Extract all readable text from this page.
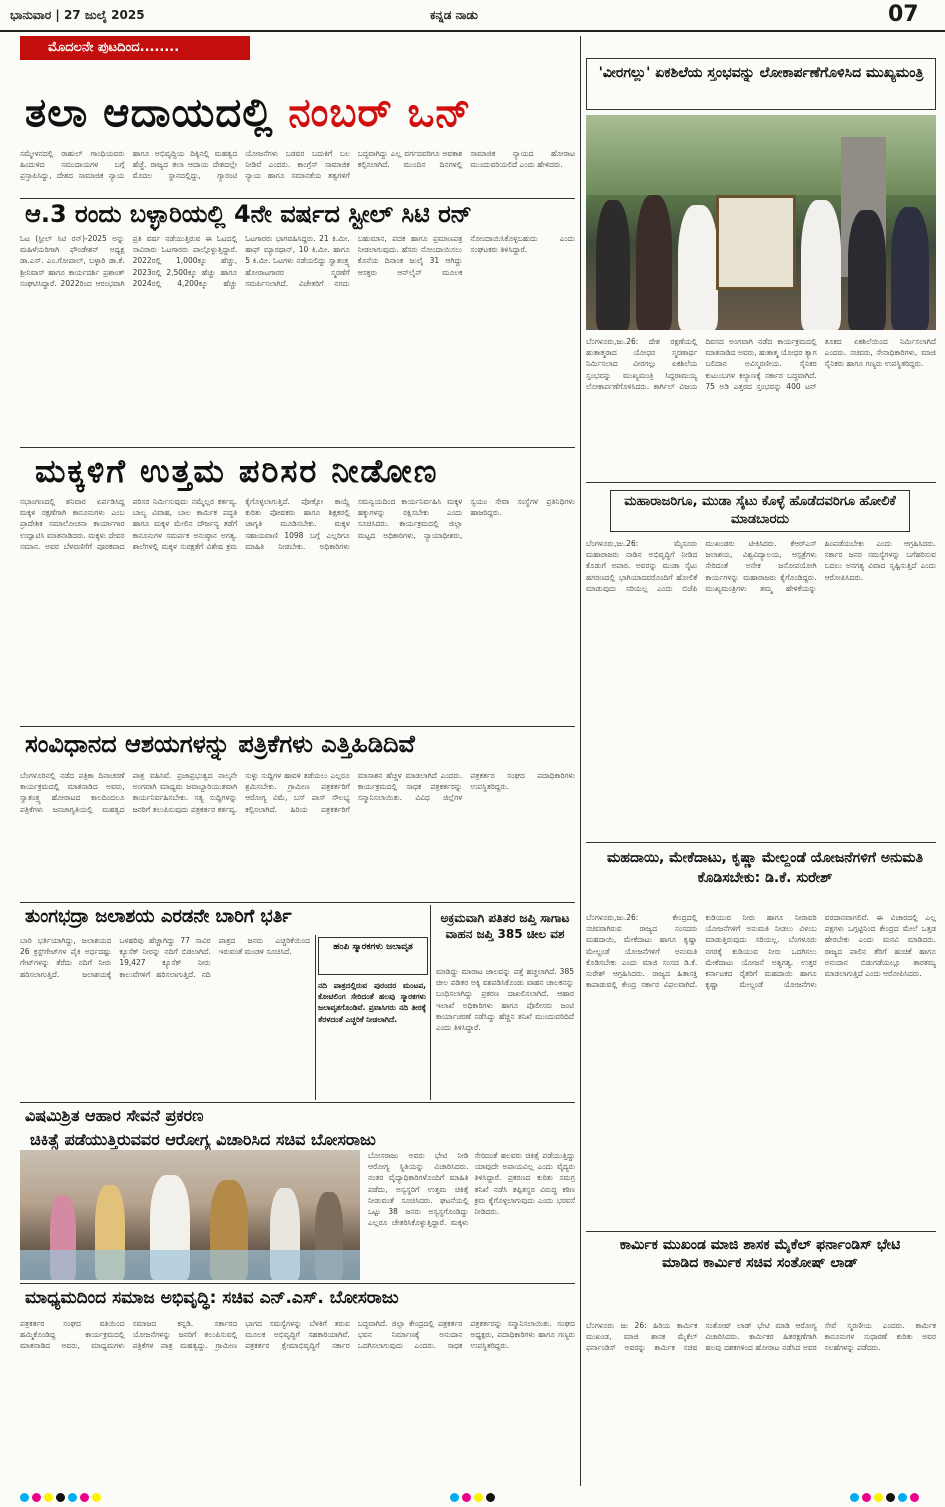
ಭಾನುವಾರ | 27 ಜುಲೈ 2025	ಕನ್ನಡ ನಾಡು	07
ಮೊದಲನೇ ಪುಟದಿಂದ........
ತಲಾ ಆದಾಯದಲ್ಲಿ ನಂಬರ್ ಒನ್
ಸಮ್ಮೇಳನದಲ್ಲಿ ರಾಹುಲ್ ಗಾಂಧಿಯವರು ಹಿಂದುಳಿದ ಸಮುದಾಯಗಳ ಬಗ್ಗೆ ಪ್ರಸ್ತಾಪಿಸಿದ್ದು, ದೇಶದ ಸಾಮಾಜಿಕ ನ್ಯಾಯ ಹಾಗೂ ಅಭಿವೃದ್ಧಿಯ ದಿಕ್ಕಿನಲ್ಲಿ ಮಹತ್ವದ ಹೆಜ್ಜೆ. ರಾಜ್ಯದ ತಲಾ ಆದಾಯ ದೇಶದಲ್ಲೇ ಮೊದಲ ಸ್ಥಾನದಲ್ಲಿದ್ದು, ಗ್ಯಾರಂಟಿ ಯೋಜನೆಗಳು ಬಡವರ ಬದುಕಿಗೆ ಬಲ ನೀಡಿವೆ ಎಂದರು. ಕಾಂಗ್ರೆಸ್ ಸಾಮಾಜಿಕ ನ್ಯಾಯ ಹಾಗೂ ಸಮಾನತೆಯ ತತ್ವಗಳಿಗೆ ಬದ್ಧವಾಗಿದ್ದು ಎಲ್ಲ ವರ್ಗದವರಿಗೂ ಅವಕಾಶ ಕಲ್ಪಿಸಲಾಗಿದೆ. ಮುಂದಿನ ದಿನಗಳಲ್ಲಿ ಸಾಮಾಜಿಕ ನ್ಯಾಯದ ಹೋರಾಟ ಮುಂದುವರಿಯಲಿದೆ ಎಂದು ಹೇಳಿದರು.
ಆ.3 ರಂದು ಬಳ್ಳಾರಿಯಲ್ಲಿ 4ನೇ ವರ್ಷದ ಸ್ಟೀಲ್ ಸಿಟಿ ರನ್
ಓಟ (ಸ್ಟೀಲ್ ಸಿಟಿ ರನ್)-2025 ಅನ್ನು ಮಹಿಳೆಯರಿಗಾಗಿ ಫೌಂಡೇಶನ್ ಅಧ್ಯಕ್ಷ ಡಾ.ಎಸ್. ಎಂ.ಗೋಪಾಲ್, ಬಳ್ಳಾರಿ ಡಾ.ಕೆ. ಶ್ರೀನಿವಾಸ್ ಹಾಗೂ ಕಾರ್ಯದರ್ಶಿ ಪ್ರಶಾಂತ್ ಸಂಘಟಿಸಿದ್ದಾರೆ. 2022ರಿಂದ ಆರಂಭವಾಗಿ ಪ್ರತಿ ವರ್ಷ ನಡೆಯುತ್ತಿರುವ ಈ ಓಟದಲ್ಲಿ ಸಾವಿರಾರು ಓಟಗಾರರು ಪಾಲ್ಗೊಳ್ಳುತ್ತಿದ್ದಾರೆ. 2022ರಲ್ಲಿ 1,000ಕ್ಕೂ ಹೆಚ್ಚು, 2023ರಲ್ಲಿ 2,500ಕ್ಕೂ ಹೆಚ್ಚು ಹಾಗೂ 2024ರಲ್ಲಿ 4,200ಕ್ಕೂ ಹೆಚ್ಚು ಓಟಗಾರರು ಭಾಗವಹಿಸಿದ್ದರು. 21 ಕಿ.ಮೀ. ಹಾಫ್ ಮ್ಯಾರಥಾನ್, 10 ಕಿ.ಮೀ. ಹಾಗೂ 5 ಕಿ.ಮೀ. ಓಟಗಳು ನಡೆಯಲಿದ್ದು ಸ್ವಾತಂತ್ರ್ಯ ಹೋರಾಟಗಾರರ ಸ್ಮರಣೆಗೆ ಸಮರ್ಪಿಸಲಾಗಿದೆ. ವಿಜೇತರಿಗೆ ನಗದು ಬಹುಮಾನ, ಪದಕ ಹಾಗೂ ಪ್ರಮಾಣಪತ್ರ ನೀಡಲಾಗುವುದು. ಹೆಸರು ನೋಂದಾಯಿಸಲು ಕೊನೆಯ ದಿನಾಂಕ ಜುಲೈ 31 ಆಗಿದ್ದು ಆಸಕ್ತರು ಆನ್‌ಲೈನ್ ಮೂಲಕ ನೋಂದಾಯಿಸಿಕೊಳ್ಳಬಹುದು ಎಂದು ಸಂಘಟಕರು ತಿಳಿಸಿದ್ದಾರೆ.
ಮಕ್ಕಳಿಗೆ ಉತ್ತಮ ಪರಿಸರ ನೀಡೋಣ
ಸಭಾಂಗಣದಲ್ಲಿ ಶನಿವಾರ ಏರ್ಪಡಿಸಿದ್ದ ಮಕ್ಕಳ ರಕ್ಷಣೆಗಾಗಿ ಕಾನೂನುಗಳು ಎಂಬ ಪ್ರಾದೇಶಿಕ ಸಮಾಲೋಚನಾ ಕಾರ್ಯಾಗಾರ ಉದ್ಘಾಟಿಸಿ ಮಾತನಾಡಿದರು. ಮಕ್ಕಳು ದೇವರ ಸಮಾನ. ಅವರ ಬೆಳವಣಿಗೆಗೆ ಪೂರಕವಾದ ಪರಿಸರ ನಿರ್ಮಿಸುವುದು ನಮ್ಮೆಲ್ಲರ ಕರ್ತವ್ಯ. ಬಾಲ್ಯ ವಿವಾಹ, ಬಾಲ ಕಾರ್ಮಿಕ ಪದ್ಧತಿ ಹಾಗೂ ಮಕ್ಕಳ ಮೇಲಿನ ದೌರ್ಜನ್ಯ ತಡೆಗೆ ಕಾನೂನುಗಳ ಸಮರ್ಪಕ ಅನುಷ್ಠಾನ ಅಗತ್ಯ. ಶಾಲೆಗಳಲ್ಲಿ ಮಕ್ಕಳ ಸುರಕ್ಷತೆಗೆ ವಿಶೇಷ ಕ್ರಮ ಕೈಗೊಳ್ಳಲಾಗುತ್ತಿದೆ. ಪೋಕ್ಸೋ ಕಾಯ್ದೆ ಕುರಿತು ಪೋಷಕರು ಹಾಗೂ ಶಿಕ್ಷಕರಲ್ಲಿ ಜಾಗೃತಿ ಮೂಡಿಸಬೇಕು. ಮಕ್ಕಳ ಸಹಾಯವಾಣಿ 1098 ಬಗ್ಗೆ ಎಲ್ಲರಿಗೂ ಮಾಹಿತಿ ನೀಡಬೇಕು. ಅಧಿಕಾರಿಗಳು ಸಮನ್ವಯದಿಂದ ಕಾರ್ಯನಿರ್ವಹಿಸಿ ಮಕ್ಕಳ ಹಕ್ಕುಗಳನ್ನು ರಕ್ಷಿಸಬೇಕು ಎಂದು ಸೂಚಿಸಿದರು. ಕಾರ್ಯಕ್ರಮದಲ್ಲಿ ಜಿಲ್ಲಾ ಮಟ್ಟದ ಅಧಿಕಾರಿಗಳು, ನ್ಯಾಯಾಧೀಶರು, ಸ್ವಯಂ ಸೇವಾ ಸಂಸ್ಥೆಗಳ ಪ್ರತಿನಿಧಿಗಳು ಹಾಜರಿದ್ದರು.
ಸಂವಿಧಾನದ ಆಶಯಗಳನ್ನು ಪತ್ರಿಕೆಗಳು ಎತ್ತಿಹಿಡಿದಿವೆ
ಬೆಂಗಳೂರಿನಲ್ಲಿ ನಡೆದ ಪತ್ರಿಕಾ ದಿನಾಚರಣೆ ಕಾರ್ಯಕ್ರಮದಲ್ಲಿ ಮಾತನಾಡಿದ ಅವರು, ಸ್ವಾತಂತ್ರ್ಯ ಹೋರಾಟದ ಕಾಲದಿಂದಲೂ ಪತ್ರಿಕೆಗಳು ಜನಜಾಗೃತಿಯಲ್ಲಿ ಮಹತ್ವದ ಪಾತ್ರ ವಹಿಸಿವೆ. ಪ್ರಜಾಪ್ರಭುತ್ವದ ನಾಲ್ಕನೇ ಅಂಗವಾಗಿ ಮಾಧ್ಯಮ ಜವಾಬ್ದಾರಿಯುತವಾಗಿ ಕಾರ್ಯನಿರ್ವಹಿಸಬೇಕು. ಸತ್ಯ ಸುದ್ದಿಗಳನ್ನು ಜನರಿಗೆ ತಲುಪಿಸುವುದು ಪತ್ರಕರ್ತರ ಕರ್ತವ್ಯ. ಸುಳ್ಳು ಸುದ್ದಿಗಳ ಹಾವಳಿ ತಡೆಯಲು ಎಲ್ಲರೂ ಶ್ರಮಿಸಬೇಕು. ಗ್ರಾಮೀಣ ಪತ್ರಕರ್ತರಿಗೆ ಆರೋಗ್ಯ ವಿಮೆ, ಬಸ್ ಪಾಸ್ ಸೌಲಭ್ಯ ಕಲ್ಪಿಸಲಾಗಿದೆ. ಹಿರಿಯ ಪತ್ರಕರ್ತರಿಗೆ ಮಾಸಾಶನ ಹೆಚ್ಚಳ ಮಾಡಲಾಗಿದೆ ಎಂದರು. ಕಾರ್ಯಕ್ರಮದಲ್ಲಿ ಸಾಧಕ ಪತ್ರಕರ್ತರನ್ನು ಸನ್ಮಾನಿಸಲಾಯಿತು. ವಿವಿಧ ಜಿಲ್ಲೆಗಳ ಪತ್ರಕರ್ತರ ಸಂಘದ ಪದಾಧಿಕಾರಿಗಳು ಉಪಸ್ಥಿತರಿದ್ದರು.
ತುಂಗಭದ್ರಾ ಜಲಾಶಯ ಎರಡನೇ ಬಾರಿಗೆ ಭರ್ತಿ
ಬಾರಿ ಭರ್ತಿಯಾಗಿದ್ದು, ಜಲಾಶಯದ 26 ಕ್ರಸ್ಟ್‌ಗೇಟ್‌ಗಳ ಪೈಕಿ ಅರ್ಧದಷ್ಟು ಗೇಟ್‌ಗಳನ್ನು ತೆರೆದು ನದಿಗೆ ನೀರು ಹರಿಸಲಾಗುತ್ತಿದೆ. ಜಲಾಶಯಕ್ಕೆ ಒಳಹರಿವು ಹೆಚ್ಚಾಗಿದ್ದು 77 ಸಾವಿರ ಕ್ಯೂಸೆಕ್ ನೀರನ್ನು ನದಿಗೆ ಬಿಡಲಾಗಿದೆ. 19,427 ಕ್ಯೂಸೆಕ್ ನೀರು ಕಾಲುವೆಗಳಿಗೆ ಹರಿಸಲಾಗುತ್ತಿದೆ. ನದಿ ಪಾತ್ರದ ಜನರು ಎಚ್ಚರಿಕೆಯಿಂದ ಇರುವಂತೆ ಮಂಡಳಿ ಸೂಚಿಸಿದೆ.	ಹಂಪಿ ಸ್ಮಾರಕಗಳು ಜಲಾವೃತ
ನದಿ ಪಾತ್ರದಲ್ಲಿರುವ ಪುರಂದರ ಮಂಟಪ, ಕೋಟಿಲಿಂಗ ಸೇರಿದಂತೆ ಹಲವು ಸ್ಮಾರಕಗಳು ಜಲಾವೃತಗೊಂಡಿವೆ. ಪ್ರವಾಸಿಗರು ನದಿ ತೀರಕ್ಕೆ ತೆರಳದಂತೆ ಎಚ್ಚರಿಕೆ ನೀಡಲಾಗಿದೆ.
ಅಕ್ರಮವಾಗಿ ಪತಿತರ ಜಪ್ತಿ ಸಾಗಾಟ ವಾಹನ ಜಪ್ತಿ 385 ಚೀಲ ವಶ
ಮಾಡಿದ್ದು ಮಾರಾಟ ಜಾಲವನ್ನು ಪತ್ತೆ ಹಚ್ಚಲಾಗಿದೆ. 385 ಚೀಲ ಪಡಿತರ ಅಕ್ಕಿ ವಶಪಡಿಸಿಕೊಂಡು ವಾಹನ ಚಾಲಕನನ್ನು ಬಂಧಿಸಲಾಗಿದ್ದು ಪ್ರಕರಣ ದಾಖಲಿಸಲಾಗಿದೆ. ಆಹಾರ ಇಲಾಖೆ ಅಧಿಕಾರಿಗಳು ಹಾಗೂ ಪೊಲೀಸರು ಜಂಟಿ ಕಾರ್ಯಾಚರಣೆ ನಡೆಸಿದ್ದು ಹೆಚ್ಚಿನ ತನಿಖೆ ಮುಂದುವರಿದಿದೆ ಎಂದು ತಿಳಿಸಿದ್ದಾರೆ.
ವಿಷಮಿಶ್ರಿತ ಆಹಾರ ಸೇವನೆ ಪ್ರಕರಣ
ಚಿಕಿತ್ಸೆ ಪಡೆಯುತ್ತಿರುವವರ ಆರೋಗ್ಯ ವಿಚಾರಿಸಿದ ಸಚಿವ ಬೋಸರಾಜು
ಬೋಸರಾಜು ಅವರು ಭೇಟಿ ನೀಡಿ ಆರೋಗ್ಯ ಸ್ಥಿತಿಯನ್ನು ವಿಚಾರಿಸಿದರು. ನಂತರ ವೈದ್ಯಾಧಿಕಾರಿಗಳೊಂದಿಗೆ ಮಾಹಿತಿ ಪಡೆದು, ಅಸ್ವಸ್ಥರಿಗೆ ಉತ್ತಮ ಚಿಕಿತ್ಸೆ ನೀಡುವಂತೆ ಸೂಚಿಸಿದರು. ಘಟನೆಯಲ್ಲಿ ಒಟ್ಟು 38 ಜನರು ಅಸ್ವಸ್ಥಗೊಂಡಿದ್ದು ಎಲ್ಲರೂ ಚೇತರಿಸಿಕೊಳ್ಳುತ್ತಿದ್ದಾರೆ. ಮಕ್ಕಳು ಸೇರಿದಂತೆ ಹಲವರು ಚಿಕಿತ್ಸೆ ಪಡೆಯುತ್ತಿದ್ದು ಯಾವುದೇ ಅಪಾಯವಿಲ್ಲ ಎಂದು ವೈದ್ಯರು ತಿಳಿಸಿದ್ದಾರೆ. ಪ್ರಕರಣದ ಕುರಿತು ಸಮಗ್ರ ತನಿಖೆ ನಡೆಸಿ ತಪ್ಪಿತಸ್ಥರ ವಿರುದ್ಧ ಕಠಿಣ ಕ್ರಮ ಕೈಗೊಳ್ಳಲಾಗುವುದು ಎಂದು ಭರವಸೆ ನೀಡಿದರು.
ಮಾಧ್ಯಮದಿಂದ ಸಮಾಜ ಅಭಿವೃದ್ಧಿ: ಸಚಿವ ಎನ್.ಎಸ್. ಬೋಸರಾಜು
ಪತ್ರಕರ್ತರ ಸಂಘದ ವತಿಯಿಂದ ಹಮ್ಮಿಕೊಂಡಿದ್ದ ಕಾರ್ಯಕ್ರಮದಲ್ಲಿ ಮಾತನಾಡಿದ ಅವರು, ಮಾಧ್ಯಮಗಳು ಸಮಾಜದ ಕನ್ನಡಿ. ಸರ್ಕಾರದ ಯೋಜನೆಗಳನ್ನು ಜನರಿಗೆ ತಲುಪಿಸುವಲ್ಲಿ ಪತ್ರಿಕೆಗಳ ಪಾತ್ರ ಮಹತ್ವದ್ದು. ಗ್ರಾಮೀಣ ಭಾಗದ ಸಮಸ್ಯೆಗಳನ್ನು ಬೆಳಕಿಗೆ ತರುವ ಮೂಲಕ ಅಭಿವೃದ್ಧಿಗೆ ಸಹಕಾರಿಯಾಗಿವೆ. ಪತ್ರಕರ್ತರ ಕ್ಷೇಮಾಭಿವೃದ್ಧಿಗೆ ಸರ್ಕಾರ ಬದ್ಧವಾಗಿದೆ. ಜಿಲ್ಲಾ ಕೇಂದ್ರದಲ್ಲಿ ಪತ್ರಕರ್ತರ ಭವನ ನಿರ್ಮಾಣಕ್ಕೆ ಅನುದಾನ ಒದಗಿಸಲಾಗುವುದು ಎಂದರು. ಸಾಧಕ ಪತ್ರಕರ್ತರನ್ನು ಸನ್ಮಾನಿಸಲಾಯಿತು. ಸಂಘದ ಅಧ್ಯಕ್ಷರು, ಪದಾಧಿಕಾರಿಗಳು ಹಾಗೂ ಗಣ್ಯರು ಉಪಸ್ಥಿತರಿದ್ದರು.
'ವೀರಗಲ್ಲು' ಏಕಶಿಲೆಯ ಸ್ತಂಭವನ್ನು ಲೋಕಾರ್ಪಣೆಗೊಳಿಸಿದ ಮುಖ್ಯಮಂತ್ರಿ
ಬೆಂಗಳೂರು,ಜು.26: ದೇಶ ರಕ್ಷಣೆಯಲ್ಲಿ ಹುತಾತ್ಮರಾದ ಯೋಧರ ಸ್ಮರಣಾರ್ಥ ನಿರ್ಮಿಸಲಾದ ವೀರಗಲ್ಲು ಏಕಶಿಲೆಯ ಸ್ತಂಭವನ್ನು ಮುಖ್ಯಮಂತ್ರಿ ಸಿದ್ದರಾಮಯ್ಯ ಲೋಕಾರ್ಪಣೆಗೊಳಿಸಿದರು. ಕಾರ್ಗಿಲ್ ವಿಜಯ ದಿವಸದ ಅಂಗವಾಗಿ ನಡೆದ ಕಾರ್ಯಕ್ರಮದಲ್ಲಿ ಮಾತನಾಡಿದ ಅವರು, ಹುತಾತ್ಮ ಯೋಧರ ತ್ಯಾಗ ಬಲಿದಾನ ಅವಿಸ್ಮರಣೀಯ. ಸೈನಿಕರ ಕುಟುಂಬಗಳ ಕಲ್ಯಾಣಕ್ಕೆ ಸರ್ಕಾರ ಬದ್ಧವಾಗಿದೆ. 75 ಅಡಿ ಎತ್ತರದ ಸ್ತಂಭವನ್ನು 400 ಟನ್ ತೂಕದ ಏಕಶಿಲೆಯಿಂದ ನಿರ್ಮಿಸಲಾಗಿದೆ ಎಂದರು. ಸಚಿವರು, ಸೇನಾಧಿಕಾರಿಗಳು, ಮಾಜಿ ಸೈನಿಕರು ಹಾಗೂ ಗಣ್ಯರು ಉಪಸ್ಥಿತರಿದ್ದರು.
ಮಹಾರಾಜರಿಗೂ, ಮುಡಾ ಸೈಟು ಕೊಳ್ಳೆ ಹೊಡೆದವರಿಗೂ ಹೋಲಿಕೆ ಮಾಡಬಾರದು
ಬೆಂಗಳೂರು,ಜು.26: ಮೈಸೂರು ಮಹಾರಾಜರು ನಾಡಿನ ಅಭಿವೃದ್ಧಿಗೆ ನೀಡಿದ ಕೊಡುಗೆ ಅಪಾರ. ಅವರನ್ನು ಮುಡಾ ಸೈಟು ಹಗರಣದಲ್ಲಿ ಭಾಗಿಯಾದವರೊಂದಿಗೆ ಹೋಲಿಕೆ ಮಾಡುವುದು ಸರಿಯಲ್ಲ ಎಂದು ಬಿಜೆಪಿ ಮುಖಂಡರು ಟೀಕಿಸಿದರು. ಕೆಆರ್‌ಎಸ್ ಜಲಾಶಯ, ವಿಶ್ವವಿದ್ಯಾಲಯ, ಆಸ್ಪತ್ರೆಗಳು ಸೇರಿದಂತೆ ಅನೇಕ ಜನೋಪಯೋಗಿ ಕಾರ್ಯಗಳನ್ನು ಮಹಾರಾಜರು ಕೈಗೊಂಡಿದ್ದರು. ಮುಖ್ಯಮಂತ್ರಿಗಳು ತಮ್ಮ ಹೇಳಿಕೆಯನ್ನು ಹಿಂಪಡೆಯಬೇಕು ಎಂದು ಆಗ್ರಹಿಸಿದರು. ಸರ್ಕಾರ ಜನರ ಸಮಸ್ಯೆಗಳನ್ನು ಬಗೆಹರಿಸುವ ಬದಲು ಅನಗತ್ಯ ವಿವಾದ ಸೃಷ್ಟಿಸುತ್ತಿದೆ ಎಂದು ಆರೋಪಿಸಿದರು.
ಮಹದಾಯಿ, ಮೇಕೆದಾಟು, ಕೃಷ್ಣಾ ಮೇಲ್ದಂಡೆ ಯೋಜನೆಗಳಿಗೆ ಅನುಮತಿ ಕೊಡಿಸಬೇಕು: ಡಿ.ಕೆ. ಸುರೇಶ್
ಬೆಂಗಳೂರು,ಜು.26: ಕೇಂದ್ರದಲ್ಲಿ ಸಚಿವರಾಗಿರುವ ರಾಜ್ಯದ ಸಂಸದರು ಮಹದಾಯಿ, ಮೇಕೆದಾಟು ಹಾಗೂ ಕೃಷ್ಣಾ ಮೇಲ್ದಂಡೆ ಯೋಜನೆಗಳಿಗೆ ಅನುಮತಿ ಕೊಡಿಸಬೇಕು ಎಂದು ಮಾಜಿ ಸಂಸದ ಡಿ.ಕೆ. ಸುರೇಶ್ ಆಗ್ರಹಿಸಿದರು. ರಾಜ್ಯದ ಹಿತಾಸಕ್ತಿ ಕಾಪಾಡುವಲ್ಲಿ ಕೇಂದ್ರ ಸರ್ಕಾರ ವಿಫಲವಾಗಿದೆ. ಕುಡಿಯುವ ನೀರು ಹಾಗೂ ನೀರಾವರಿ ಯೋಜನೆಗಳಿಗೆ ಅನುಮತಿ ನೀಡಲು ವಿಳಂಬ ಮಾಡುತ್ತಿರುವುದು ಸರಿಯಲ್ಲ. ಬೆಂಗಳೂರು ನಗರಕ್ಕೆ ಕುಡಿಯುವ ನೀರು ಒದಗಿಸಲು ಮೇಕೆದಾಟು ಯೋಜನೆ ಅತ್ಯಗತ್ಯ. ಉತ್ತರ ಕರ್ನಾಟಕದ ರೈತರಿಗೆ ಮಹದಾಯಿ ಹಾಗೂ ಕೃಷ್ಣಾ ಮೇಲ್ದಂಡೆ ಯೋಜನೆಗಳು ವರದಾನವಾಗಲಿವೆ. ಈ ವಿಚಾರದಲ್ಲಿ ಎಲ್ಲ ಪಕ್ಷಗಳು ಒಗ್ಗಟ್ಟಿನಿಂದ ಕೇಂದ್ರದ ಮೇಲೆ ಒತ್ತಡ ಹೇರಬೇಕು ಎಂದು ಮನವಿ ಮಾಡಿದರು. ರಾಜ್ಯದ ಪಾಲಿನ ತೆರಿಗೆ ಹಂಚಿಕೆ ಹಾಗೂ ಅನುದಾನ ಬಿಡುಗಡೆಯಲ್ಲೂ ತಾರತಮ್ಯ ಮಾಡಲಾಗುತ್ತಿದೆ ಎಂದು ಆರೋಪಿಸಿದರು.
ಕಾರ್ಮಿಕ ಮುಖಂಡ ಮಾಜಿ ಶಾಸಕ ಮೈಕೆಲ್ ಫರ್ನಾಂಡಿಸ್ ಭೇಟಿ ಮಾಡಿದ ಕಾರ್ಮಿಕ ಸಚಿವ ಸಂತೋಷ್ ಲಾಡ್
ಬೆಂಗಳೂರು ಜು 26: ಹಿರಿಯ ಕಾರ್ಮಿಕ ಮುಖಂಡ, ಮಾಜಿ ಶಾಸಕ ಮೈಕೆಲ್ ಫರ್ನಾಂಡಿಸ್ ಅವರನ್ನು ಕಾರ್ಮಿಕ ಸಚಿವ ಸಂತೋಷ್ ಲಾಡ್ ಭೇಟಿ ಮಾಡಿ ಆರೋಗ್ಯ ವಿಚಾರಿಸಿದರು. ಕಾರ್ಮಿಕರ ಹಿತರಕ್ಷಣೆಗಾಗಿ ಹಲವು ದಶಕಗಳಿಂದ ಹೋರಾಟ ನಡೆಸಿದ ಅವರ ಸೇವೆ ಸ್ಮರಣೀಯ ಎಂದರು. ಕಾರ್ಮಿಕ ಕಾನೂನುಗಳ ಸುಧಾರಣೆ ಕುರಿತು ಅವರ ಸಲಹೆಗಳನ್ನು ಪಡೆದರು.
